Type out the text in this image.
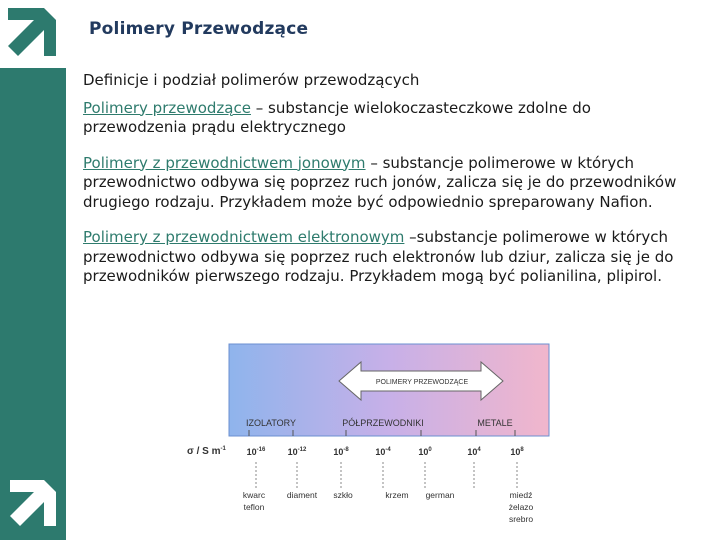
Polimery Przewodzące

Definicje i podział polimerów przewodzących

Polimery przewodzące – substancje wielokoczasteczkowe zdolne do przewodzenia prądu elektrycznego

Polimery z przewodnictwem jonowym – substancje polimerowe w których przewodnictwo odbywa się poprzez ruch jonów, zalicza się je do przewodników drugiego rodzaju. Przykładem może być odpowiednio spreparowany Nafion.

Polimery z przewodnictwem elektronowym –substancje polimerowe w których przewodnictwo odbywa się poprzez ruch elektronów lub dziur, zalicza się je do przewodników pierwszego rodzaju. Przykładem mogą być polianilina, plipirol.

POLIMERY PRZEWODZĄCE
IZOLATORY	PÓŁPRZEWODNIKI	METALE
σ / S $m^{-1}$ $10^{-16}$ $10^{-12}$	$10^{-8}$	$10^{-4}$	$10^0$	$10^4$	$10^8$
kwarc
teflon
diament szkło	krzem german	miedź
żelazo
srebro
